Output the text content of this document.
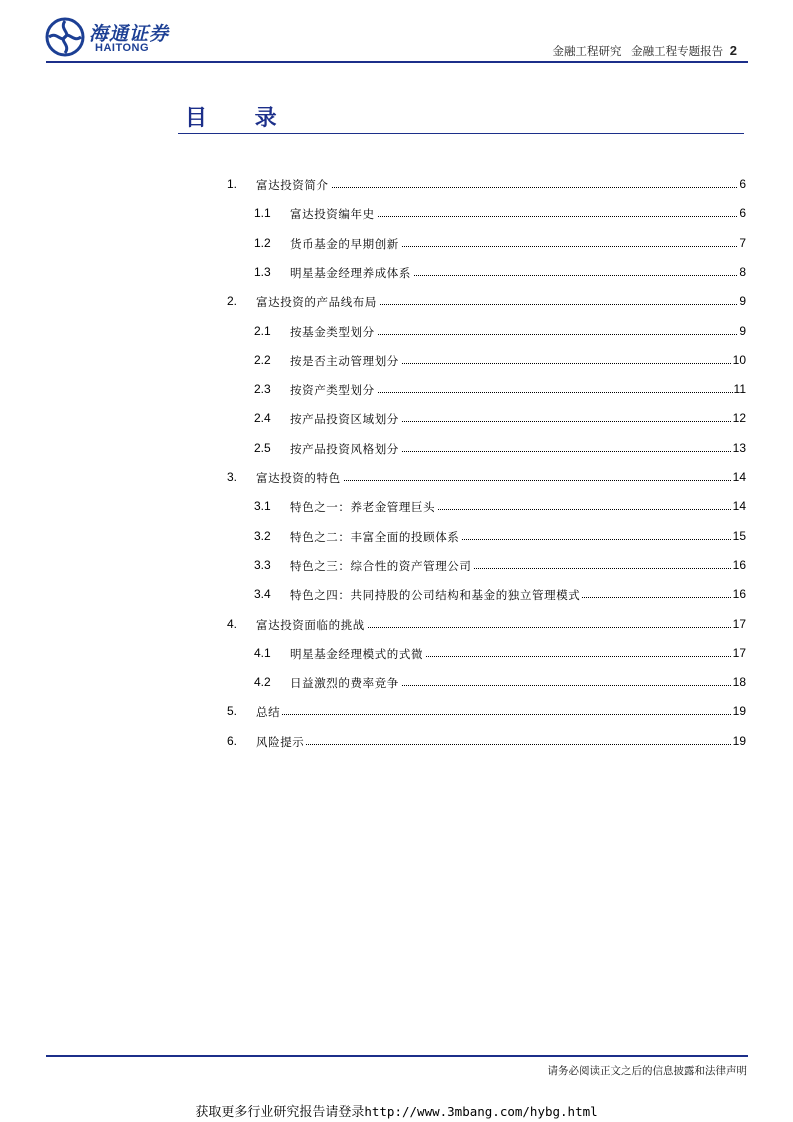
海通证券
HAITONG	金融工程研究 金融工程专题报告 2
目 录
1. 富达投资简介	6
1.1 富达投资编年史	6
1.2 货币基金的早期创新	7
1.3 明星基金经理养成体系	8
2. 富达投资的产品线布局	9
2.1 按基金类型划分	9
2.2 按是否主动管理划分	10
2.3 按资产类型划分	11
2.4 按产品投资区域划分	12
2.5 按产品投资风格划分	13
3. 富达投资的特色	14
3.1 特色之一：养老金管理巨头	14
3.2 特色之二：丰富全面的投顾体系	15
3.3 特色之三：综合性的资产管理公司	16
3.4 特色之四：共同持股的公司结构和基金的独立管理模式	16
4. 富达投资面临的挑战	17
4.1 明星基金经理模式的式微	17
4.2 日益激烈的费率竞争	18
5. 总结	19
6. 风险提示	19
请务必阅读正文之后的信息披露和法律声明
获取更多行业研究报告请登录http://www.3mbang.com/hybg.html
